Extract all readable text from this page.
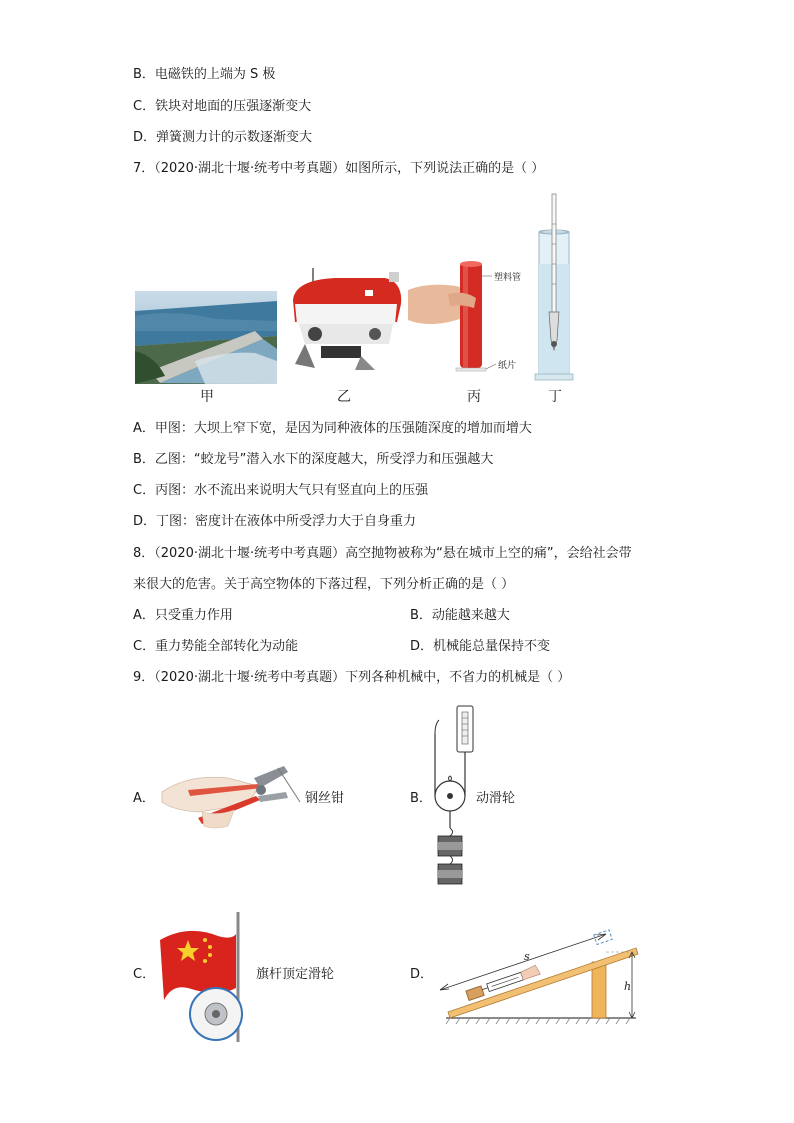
B．电磁铁的上端为 S 极
C．铁块对地面的压强逐渐变大
D．弹簧测力计的示数逐渐变大
7．（2020·湖北十堰·统考中考真题）如图所示，下列说法正确的是（ ）
甲	乙
塑料管
纸片
丙	丁
A．甲图：大坝上窄下宽，是因为同种液体的压强随深度的增加而增大
B．乙图：“蛟龙号”潜入水下的深度越大，所受浮力和压强越大
C．丙图：水不流出来说明大气只有竖直向上的压强
D．丁图：密度计在液体中所受浮力大于自身重力
8．（2020·湖北十堰·统考中考真题）高空抛物被称为“悬在城市上空的痛”，会给社会带
来很大的危害。关于高空物体的下落过程，下列分析正确的是（ ）
A．只受重力作用	B．动能越来越大
C．重力势能全部转化为动能	D．机械能总量保持不变
9．（2020·湖北十堰·统考中考真题）下列各种机械中，不省力的机械是（ ）
A．	钢丝钳	B．	动滑轮
C．	旗杆顶定滑轮	D．
s
h
